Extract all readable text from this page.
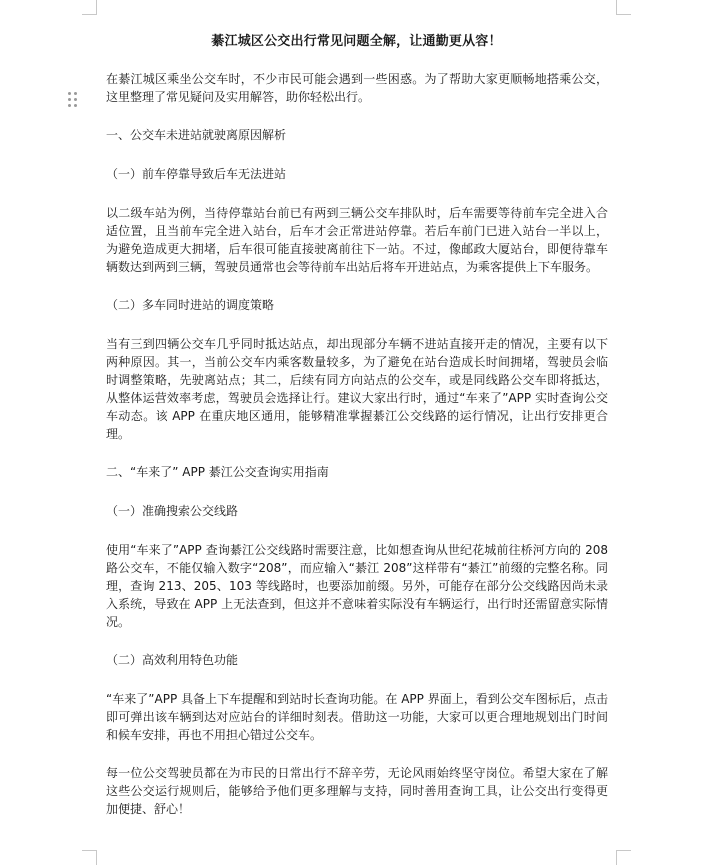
綦江城区公交出行常见问题全解，让通勤更从容！

在綦江城区乘坐公交车时，不少市民可能会遇到一些困惑。为了帮助大家更顺畅地搭乘公交，这里整理了常见疑问及实用解答，助你轻松出行。

一、公交车未进站就驶离原因解析

（一）前车停靠导致后车无法进站

以二级车站为例，当待停靠站台前已有两到三辆公交车排队时，后车需要等待前车完全进入合适位置，且当前车完全进入站台，后车才会正常进站停靠。若后车前门已进入站台一半以上，为避免造成更大拥堵，后车很可能直接驶离前往下一站。不过，像邮政大厦站台，即便待靠车辆数达到两到三辆，驾驶员通常也会等待前车出站后将车开进站点，为乘客提供上下车服务。

（二）多车同时进站的调度策略

当有三到四辆公交车几乎同时抵达站点，却出现部分车辆不进站直接开走的情况，主要有以下两种原因。其一，当前公交车内乘客数量较多，为了避免在站台造成长时间拥堵，驾驶员会临时调整策略，先驶离站点；其二，后续有同方向站点的公交车，或是同线路公交车即将抵达，从整体运营效率考虑，驾驶员会选择让行。建议大家出行时，通过“车来了”APP 实时查询公交车动态。该 APP 在重庆地区通用，能够精准掌握綦江公交线路的运行情况，让出行安排更合理。

二、“车来了” APP 綦江公交查询实用指南

（一）准确搜索公交线路

使用“车来了”APP 查询綦江公交线路时需要注意，比如想查询从世纪花城前往桥河方向的 208 路公交车，不能仅输入数字“208”，而应输入“綦江 208”这样带有“綦江”前缀的完整名称。同理，查询 213、205、103 等线路时，也要添加前缀。另外，可能存在部分公交线路因尚未录入系统，导致在 APP 上无法查到，但这并不意味着实际没有车辆运行，出行时还需留意实际情况。

（二）高效利用特色功能

“车来了”APP 具备上下车提醒和到站时长查询功能。在 APP 界面上，看到公交车图标后，点击即可弹出该车辆到达对应站台的详细时刻表。借助这一功能，大家可以更合理地规划出门时间和候车安排，再也不用担心错过公交车。

每一位公交驾驶员都在为市民的日常出行不辞辛劳，无论风雨始终坚守岗位。希望大家在了解这些公交运行规则后，能够给予他们更多理解与支持，同时善用查询工具，让公交出行变得更加便捷、舒心！
